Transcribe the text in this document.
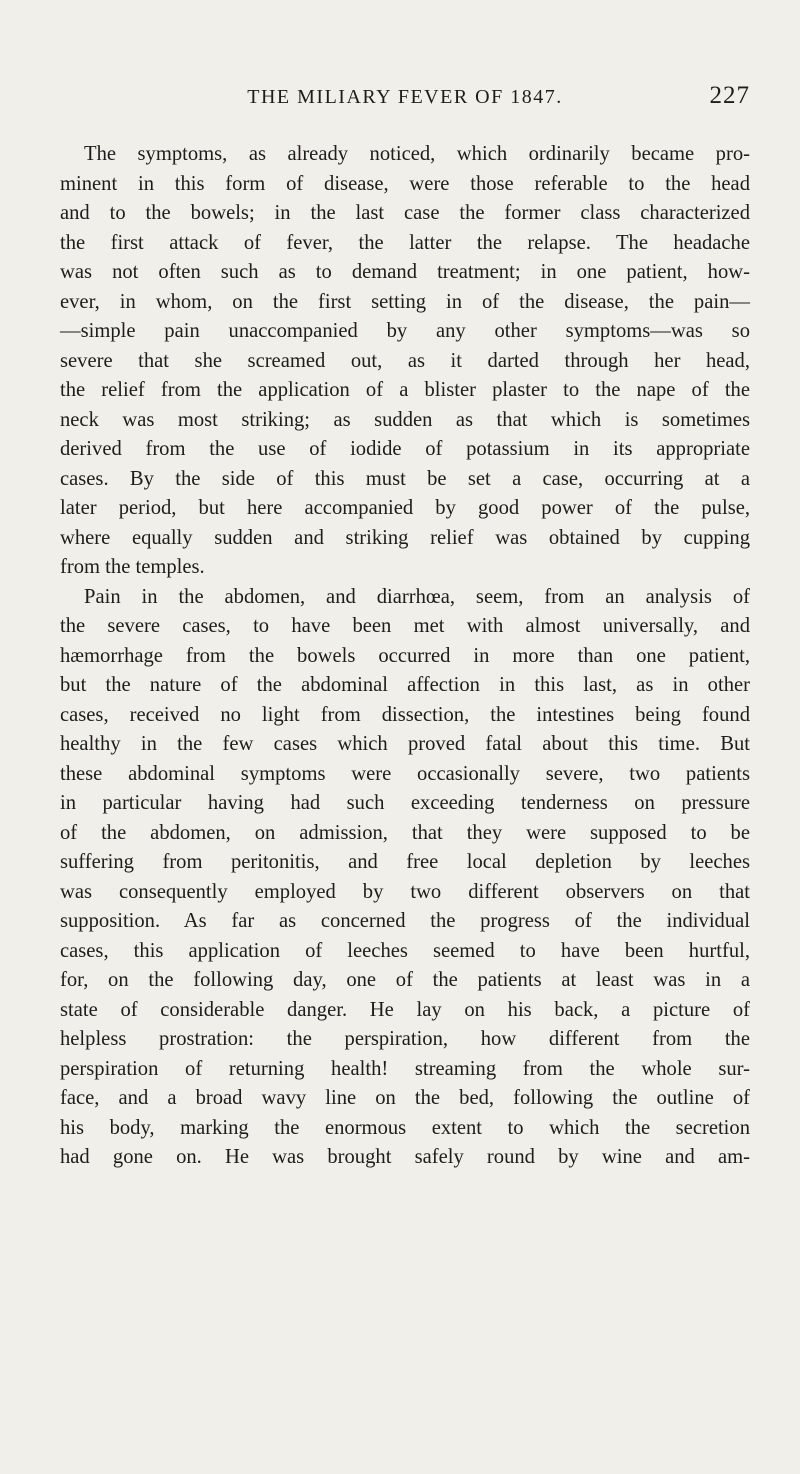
THE MILIARY FEVER OF 1847.	227
The symptoms, as already noticed, which ordinarily became pro-
minent in this form of disease, were those referable to the head
and to the bowels; in the last case the former class characterized
the first attack of fever, the latter the relapse. The headache
was not often such as to demand treatment; in one patient, how-
ever, in whom, on the first setting in of the disease, the pain—
—simple pain unaccompanied by any other symptoms—was so
severe that she screamed out, as it darted through her head,
the relief from the application of a blister plaster to the nape of the
neck was most striking; as sudden as that which is sometimes
derived from the use of iodide of potassium in its appropriate
cases. By the side of this must be set a case, occurring at a
later period, but here accompanied by good power of the pulse,
where equally sudden and striking relief was obtained by cupping
from the temples.
Pain in the abdomen, and diarrhœa, seem, from an analysis of
the severe cases, to have been met with almost universally, and
hæmorrhage from the bowels occurred in more than one patient,
but the nature of the abdominal affection in this last, as in other
cases, received no light from dissection, the intestines being found
healthy in the few cases which proved fatal about this time. But
these abdominal symptoms were occasionally severe, two patients
in particular having had such exceeding tenderness on pressure
of the abdomen, on admission, that they were supposed to be
suffering from peritonitis, and free local depletion by leeches
was consequently employed by two different observers on that
supposition. As far as concerned the progress of the individual
cases, this application of leeches seemed to have been hurtful,
for, on the following day, one of the patients at least was in a
state of considerable danger. He lay on his back, a picture of
helpless prostration: the perspiration, how different from the
perspiration of returning health! streaming from the whole sur-
face, and a broad wavy line on the bed, following the outline of
his body, marking the enormous extent to which the secretion
had gone on. He was brought safely round by wine and am-
